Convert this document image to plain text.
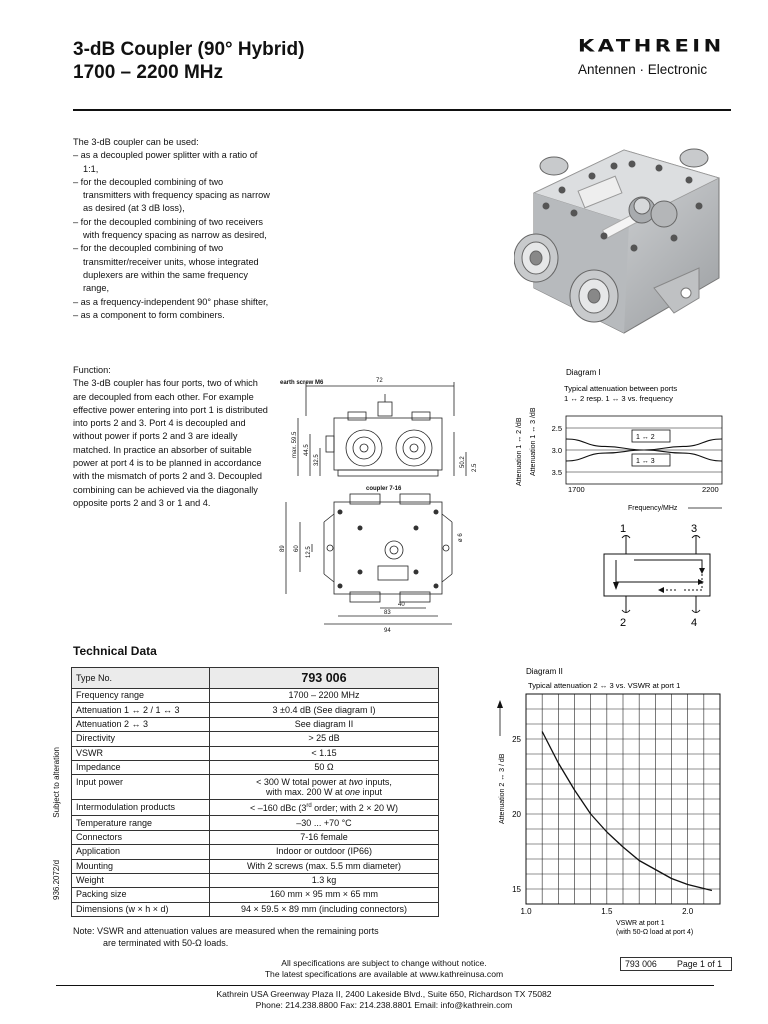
3-dB Coupler (90° Hybrid)
1700 – 2200 MHz
KATHREIN
Antennen · Electronic
The 3-dB coupler can be used:
– as a decoupled power splitter with a ratio of 1:1,
– for the decoupled combining of two transmitters with frequency spacing as narrow as desired (at 3 dB loss),
– for the decoupled combining of two receivers with frequency spacing as narrow as desired,
– for the decoupled combining of two transmitter/receiver units, whose integrated duplexers are within the same frequency range,
– as a frequency-independent 90° phase shifter,
– as a component to form combiners.
Function:
The 3-dB coupler has four ports, two of which are decoupled from each other. For example effective power entering into port 1 is distributed into ports 2 and 3. Port 4 is decoupled and without power if ports 2 and 3 are ideally matched. In practice an absorber of suitable power at port 4 is to be planned in accordance with the mismatch of ports 2 and 3. Decoupled combining can be achieved via the diagonally opposite ports 2 and 3 or 1 and 4.
earth screw M6
coupler 7-16
72
max. 59.5 44.5
32.5	50.2 2.5
89 60 12.5
ø 6
40
83
94
Diagram I
Typical attenuation between ports
1 ↔ 2 resp. 1 ↔ 3 vs. frequency
Attenuation 1 ↔ 2 /dB Attenuation 1 ↔ 3 /dB
Frequency/MHz
2.5
3.0
3.5
1700	2200
1 ↔ 2
1 ↔ 3
1	3
2	4
Technical Data
Type No.	793 006
Frequency range	1700 – 2200 MHz
Attenuation 1 ↔ 2 / 1 ↔ 3	3 ±0.4 dB (See diagram I)
Attenuation 2 ↔ 3	See diagram II
Directivity	> 25 dB
VSWR	< 1.15
Impedance	50 Ω
Input power	< 300 W total power at two inputs,
with max. 200 W at one input

Intermodulation products	< –160 dBc (3rd order; with 2 × 20 W)
Temperature range	–30 ... +70 °C
Connectors	7-16 female
Application	Indoor or outdoor (IP66)
Mounting	With 2 screws (max. 5.5 mm diameter)
Weight	1.3 kg
Packing size	160 mm × 95 mm × 65 mm
Dimensions (w × h × d)	94 × 59.5 × 89 mm (including connectors)
Note: VSWR and attenuation values are measured when the remaining ports
are terminated with 50-Ω loads.
936.2072/d Subject to alteration
Diagram II
Typical attenuation 2 ↔ 3 vs. VSWR at port 1
Attenuation 2 ↔ 3 / dB
VSWR at port 1
(with 50-Ω load at port 4)
15
20
25
1.0	1.5	2.0
All specifications are subject to change without notice.
The latest specifications are available at www.kathreinusa.com
793 006 Page 1 of 1
Kathrein USA Greenway Plaza II, 2400 Lakeside Blvd., Suite 650, Richardson TX 75082
Phone: 214.238.8800 Fax: 214.238.8801 Email: info@kathrein.com
